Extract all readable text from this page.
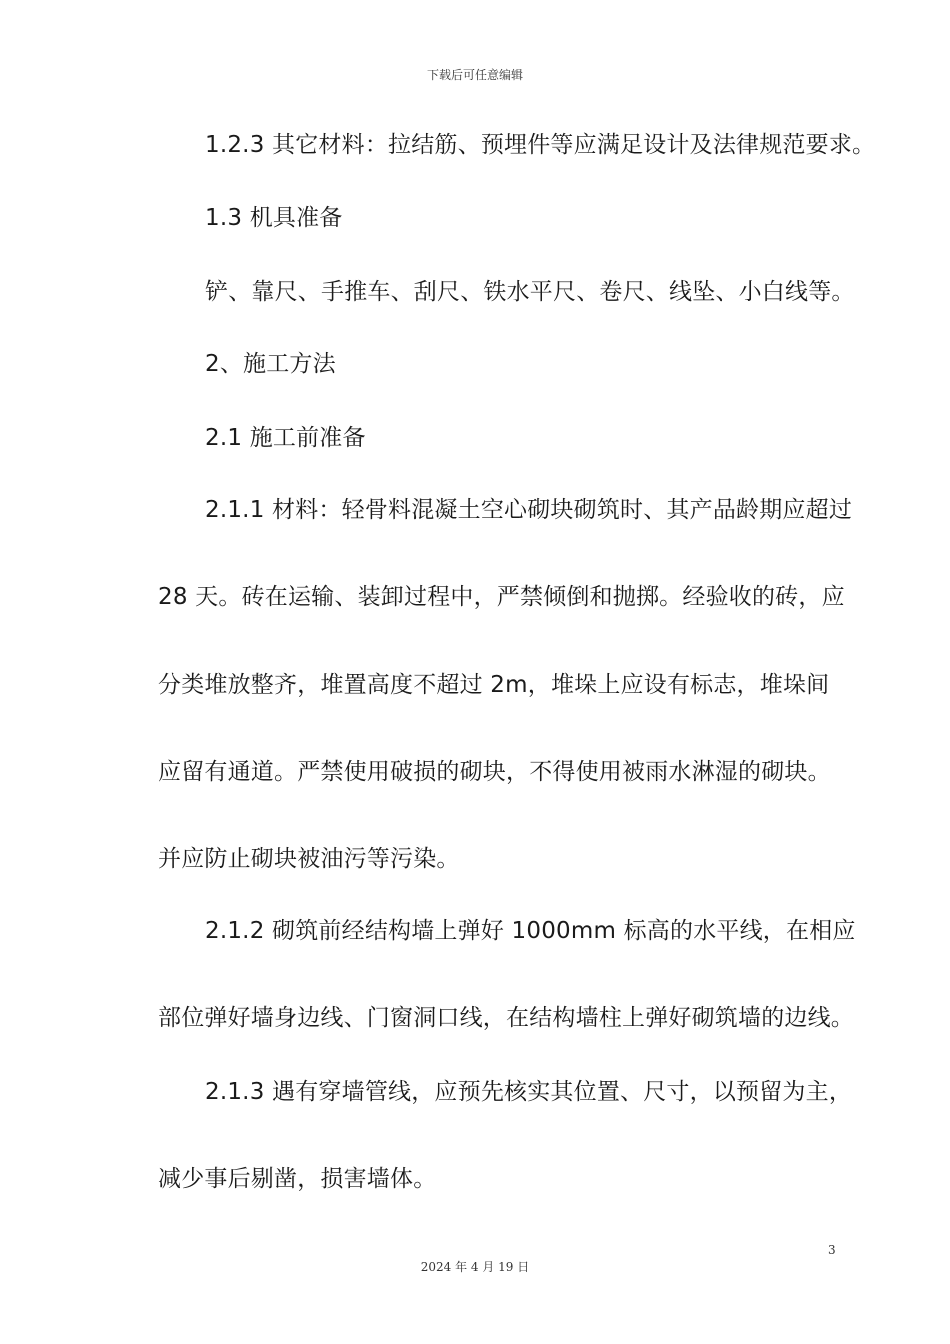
下载后可任意编辑
1.2.3 其它材料：拉结筋、预埋件等应满足设计及法律规范要求。
1.3 机具准备
铲、靠尺、手推车、刮尺、铁水平尺、卷尺、线坠、小白线等。
2、施工方法
2.1 施工前准备
2.1.1 材料：轻骨料混凝土空心砌块砌筑时、其产品龄期应超过
28 天。砖在运输、装卸过程中，严禁倾倒和抛掷。经验收的砖，应
分类堆放整齐，堆置高度不超过 2m，堆垛上应设有标志，堆垛间
应留有通道。严禁使用破损的砌块，不得使用被雨水淋湿的砌块。
并应防止砌块被油污等污染。
2.1.2 砌筑前经结构墙上弹好 1000mm 标高的水平线，在相应
部位弹好墙身边线、门窗洞口线，在结构墙柱上弹好砌筑墙的边线。
2.1.3 遇有穿墙管线，应预先核实其位置、尺寸，以预留为主，
减少事后剔凿，损害墙体。
3
2024 年 4 月 19 日
